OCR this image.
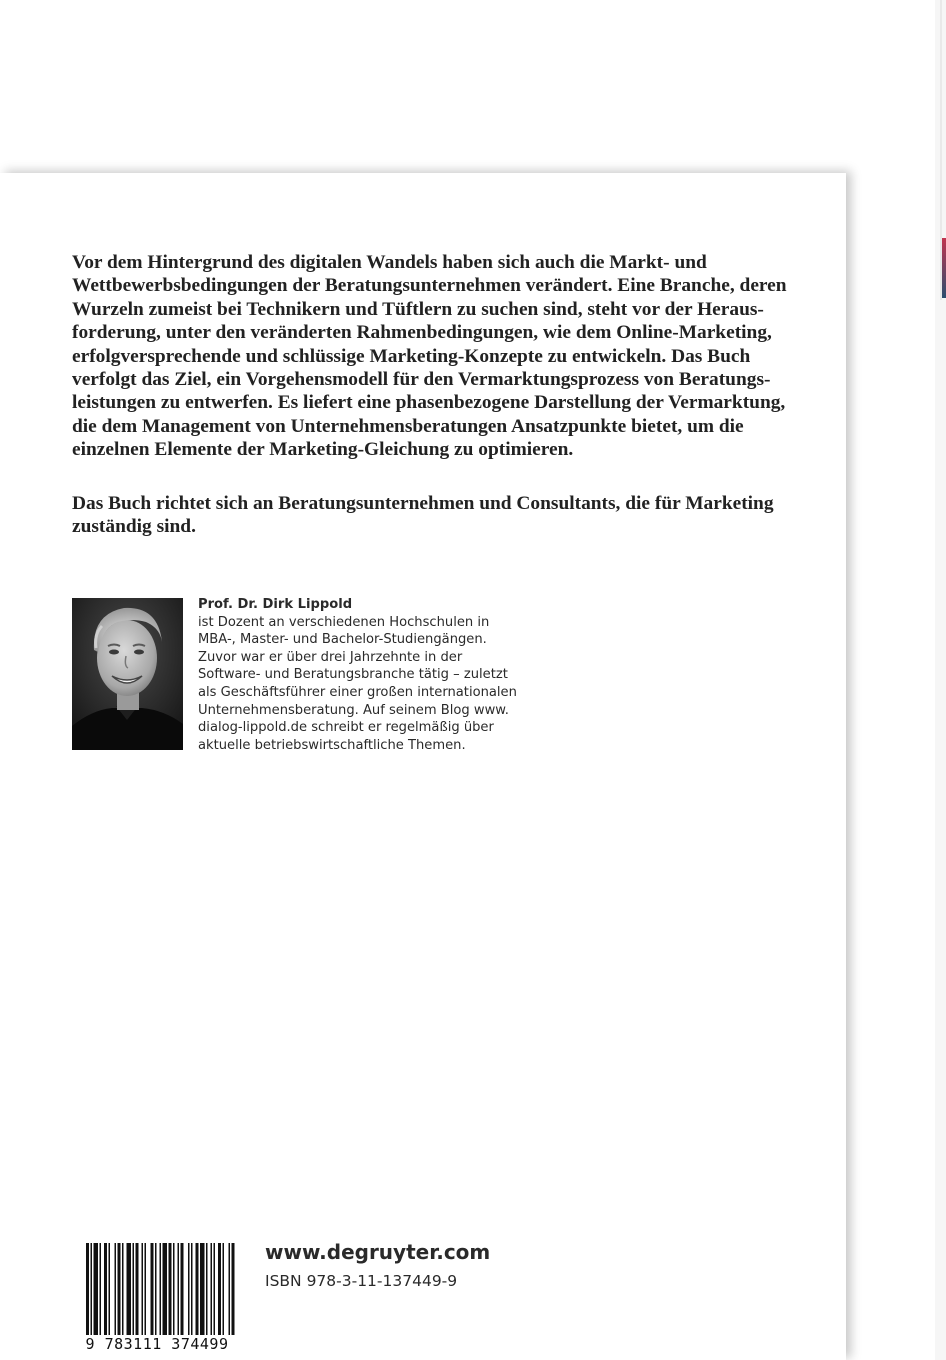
Vor dem Hintergrund des digitalen Wandels haben sich auch die Markt- und
Wettbewerbsbedingungen der Beratungsunternehmen verändert. Eine Branche, deren
Wurzeln zumeist bei Technikern und Tüftlern zu suchen sind, steht vor der Heraus-
forderung, unter den veränderten Rahmenbedingungen, wie dem Online-Marketing,
erfolgversprechende und schlüssige Marketing-Konzepte zu entwickeln. Das Buch
verfolgt das Ziel, ein Vorgehensmodell für den Vermarktungsprozess von Beratungs-
leistungen zu entwerfen. Es liefert eine phasenbezogene Darstellung der Vermarktung,
die dem Management von Unternehmensberatungen Ansatzpunkte bietet, um die
einzelnen Elemente der Marketing-Gleichung zu optimieren.

Das Buch richtet sich an Beratungsunternehmen und Consultants, die für Marketing
zuständig sind.

Prof. Dr. Dirk Lippold
ist Dozent an verschiedenen Hochschulen in
MBA-, Master- und Bachelor-Studiengängen.
Zuvor war er über drei Jahrzehnte in der
Software- und Beratungsbranche tätig – zuletzt
als Geschäftsführer einer großen internationalen
Unternehmensberatung. Auf seinem Blog www.
dialog-lippold.de schreibt er regelmäßig über
aktuelle betriebswirtschaftliche Themen.
9 783111 374499
www.degruyter.com
ISBN 978-3-11-137449-9
